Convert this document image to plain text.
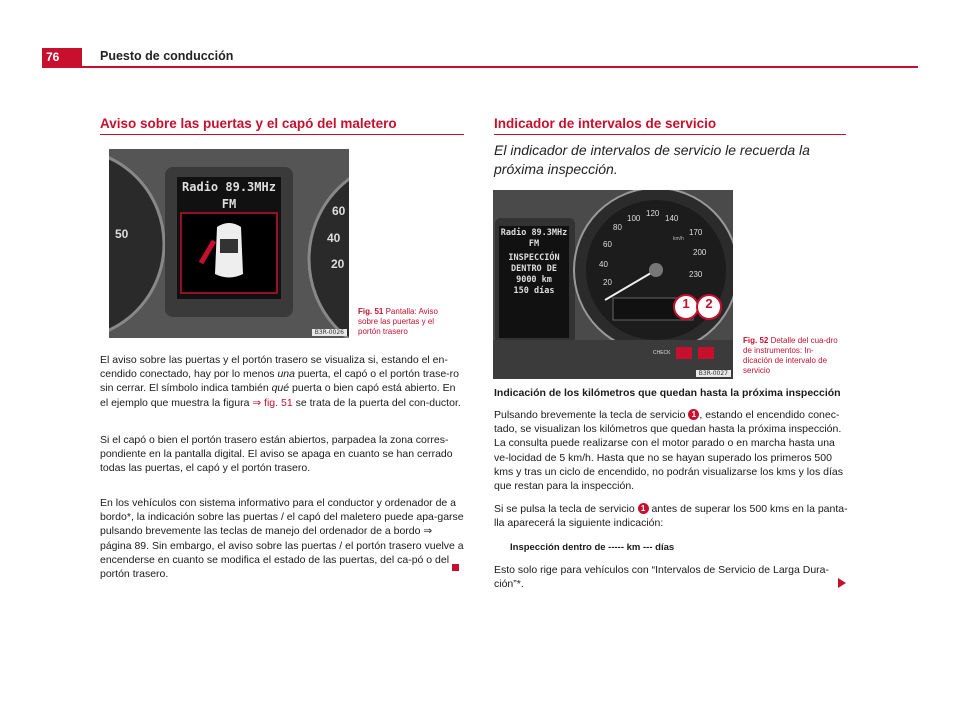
76	Puesto de conducción
Aviso sobre las puertas y el capó del maletero
Radio 89.3MHz
FM
50
60
40
20
B3R-0026
Fig. 51 Pantalla: Aviso sobre las puertas y el portón trasero
El aviso sobre las puertas y el portón trasero se visualiza si, estando el en-cendido conectado, hay por lo menos una puerta, el capó o el portón trase-ro sin cerrar. El símbolo indica también qué puerta o bien capó está abierto. En el ejemplo que muestra la figura ⇒ fig. 51 se trata de la puerta del con-ductor.
Si el capó o bien el portón trasero están abiertos, parpadea la zona corres-pondiente en la pantalla digital. El aviso se apaga en cuanto se han cerrado todas las puertas, el capó y el portón trasero.
En los vehículos con sistema informativo para el conductor y ordenador de a bordo*, la indicación sobre las puertas / el capó del maletero puede apa-garse pulsando brevemente las teclas de manejo del ordenador de a bordo ⇒ página 89. Sin embargo, el aviso sobre las puertas / el portón trasero vuelve a encenderse en cuanto se modifica el estado de las puertas, del ca-pó o del portón trasero.
Indicador de intervalos de servicio
El indicador de intervalos de servicio le recuerda la próxima inspección.
Radio 89.3MHz
FM
INSPECCIÓN
DENTRO DE
9000 km
150 días
20
40
60
80
100
120
140
170
200
230
km/h
1	2
CHECK
B3R-0027
Fig. 52 Detalle del cua-dro de instrumentos: In-dicación de intervalo de servicio
Indicación de los kilómetros que quedan hasta la próxima inspección
Pulsando brevemente la tecla de servicio 1 , estando el encendido conec-tado, se visualizan los kilómetros que quedan hasta la próxima inspección. La consulta puede realizarse con el motor parado o en marcha hasta una ve-locidad de 5 km/h. Hasta que no se hayan superado los primeros 500 kms y tras un ciclo de encendido, no podrán visualizarse los kms y los días que restan para la inspección.
Si se pulsa la tecla de servicio 1 antes de superar los 500 kms en la panta-lla aparecerá la siguiente indicación:
Inspección dentro de ----- km --- días
Esto solo rige para vehículos con “Intervalos de Servicio de Larga Dura-ción”*.
